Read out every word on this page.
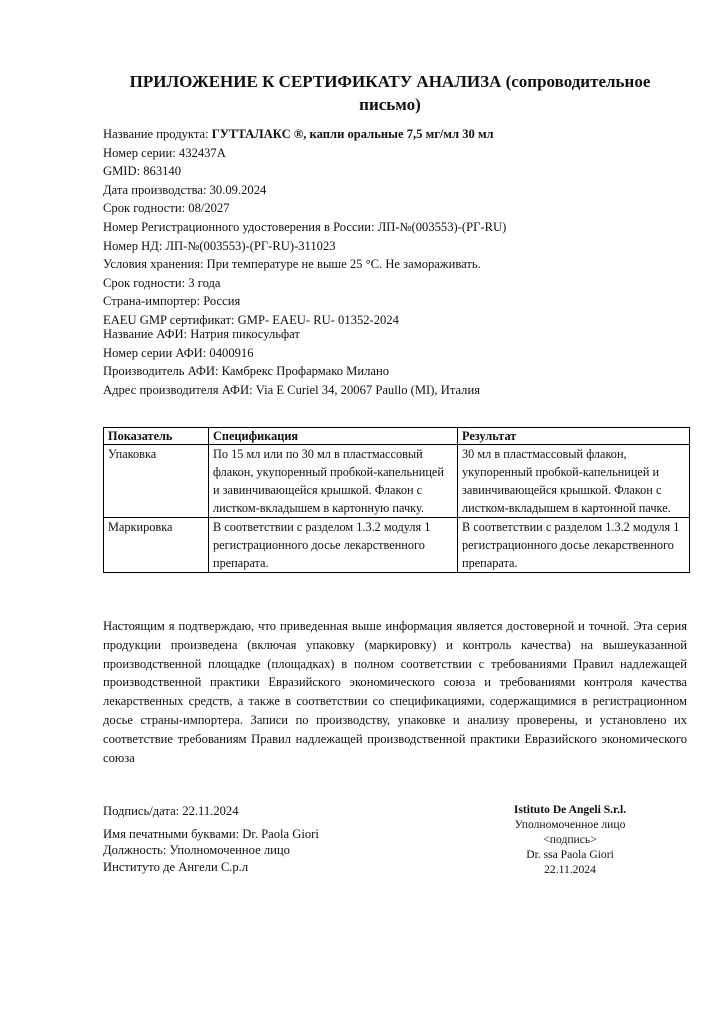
ПРИЛОЖЕНИЕ К СЕРТИФИКАТУ АНАЛИЗА (сопроводительное письмо)
Название продукта: ГУТТАЛАКС ®, капли оральные 7,5 мг/мл 30 мл
Номер серии: 432437A
GMID: 863140
Дата производства: 30.09.2024
Срок годности: 08/2027
Номер Регистрационного удостоверения в России: ЛП-№(003553)-(РГ-RU)
Номер НД: ЛП-№(003553)-(РГ-RU)-311023
Условия хранения: При температуре не выше 25 °С. Не замораживать.
Срок годности: 3 года
Страна-импортер: Россия
EAEU GMP сертификат: GMP- EAEU- RU- 01352-2024
Название АФИ: Натрия пикосульфат
Номер серии АФИ: 0400916
Производитель АФИ: Камбрекс Профармако Милано
Адрес производителя АФИ: Via E Curiel 34, 20067 Paullo (MI), Италия
Показатель	Спецификация	Результат
Упаковка	По 15 мл или по 30 мл в пластмассовый флакон, укупоренный пробкой-капельницей и завинчивающейся крышкой. Флакон с листком-вкладышем в картонную пачку.	30 мл в пластмассовый флакон, укупоренный пробкой-капельницей и завинчивающейся крышкой. Флакон с листком-вкладышем в картонной пачке.
Маркировка	В соответствии с разделом 1.3.2 модуля 1 регистрационного досье лекарственного препарата.	В соответствии с разделом 1.3.2 модуля 1 регистрационного досье лекарственного препарата.
Настоящим я подтверждаю, что приведенная выше информация является достоверной и точной. Эта серия продукции произведена (включая упаковку (маркировку) и контроль качества) на вышеуказанной производственной площадке (площадках) в полном соответствии с требованиями Правил надлежащей производственной практики Евразийского экономического союза и требованиями контроля качества лекарственных средств, а также в соответствии со спецификациями, содержащимися в регистрационном досье страны-импортера. Записи по производству, упаковке и анализу проверены, и установлено их соответствие требованиям Правил надлежащей производственной практики Евразийского экономического союза
Подпись/дата: 22.11.2024
Имя печатными буквами: Dr. Paola Giori
Должность: Уполномоченное лицо
Институто де Ангели С.р.л
Istituto De Angeli S.r.l.
Уполномоченное лицо
<подпись>
Dr. ssa Paola Giori
22.11.2024
